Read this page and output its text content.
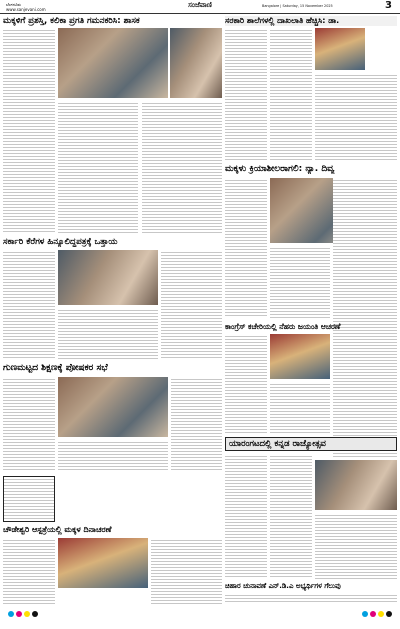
ಬೆಂಗಳೂರು
www.sanjevani.com
ಸಂಜೆವಾಣಿ	Bangalore | Saturday, 15 November 2025	3
ಮಕ್ಕಳಿಗೆ ಪ್ರಶಸ್ತಿ, ಕಲಿಕಾ ಪ್ರಗತಿ ಗಮನಕರಿಸಿ: ಶಾಸಕ	ಸರಕಾರಿ ಶಾಲೆಗಳಲ್ಲಿ ದಾಖಲಾತಿ ಹೆಚ್ಚಿಸಿ: ಡಾ.
ಮಕ್ಕಳು ಕ್ರಿಯಾಶೀಲರಾಗಲಿ: ನ್ಯಾ. ದಿವ್ಯ
ಸರ್ಕಾರಿ ಕೆರೆಗಳ ಹಿನ್ಯೂಲಿದ್ದಪತ್ರಕ್ಕೆ ಒತ್ತಾಯ
ಕಾಂಗ್ರೆಸ್ ಕಚೇರಿಯಲ್ಲಿ ನೆಹರು ಜಯಂತಿ ಆಚರಣೆ
ಗುಣಮಟ್ಟದ ಶಿಕ್ಷಣಕ್ಕೆ ಪೋಷಕರ ಸಭೆ
ಯಾರಂಗಟದಲ್ಲಿ ಕನ್ನಡ ರಾಜ್ಯೋತ್ಸವ
ಚೌಡೇಶ್ವರಿ ಆಸ್ಪತ್ರೆಯಲ್ಲಿ ಮಕ್ಕಳ ದಿನಾಚರಣೆ
ಚಿಹಾರ ಚುನಾವಣೆ ಎನ್.ಡಿ.ಎ ಅಭ್ಯರ್ಥಿಗಳ ಗೆಲುವು
